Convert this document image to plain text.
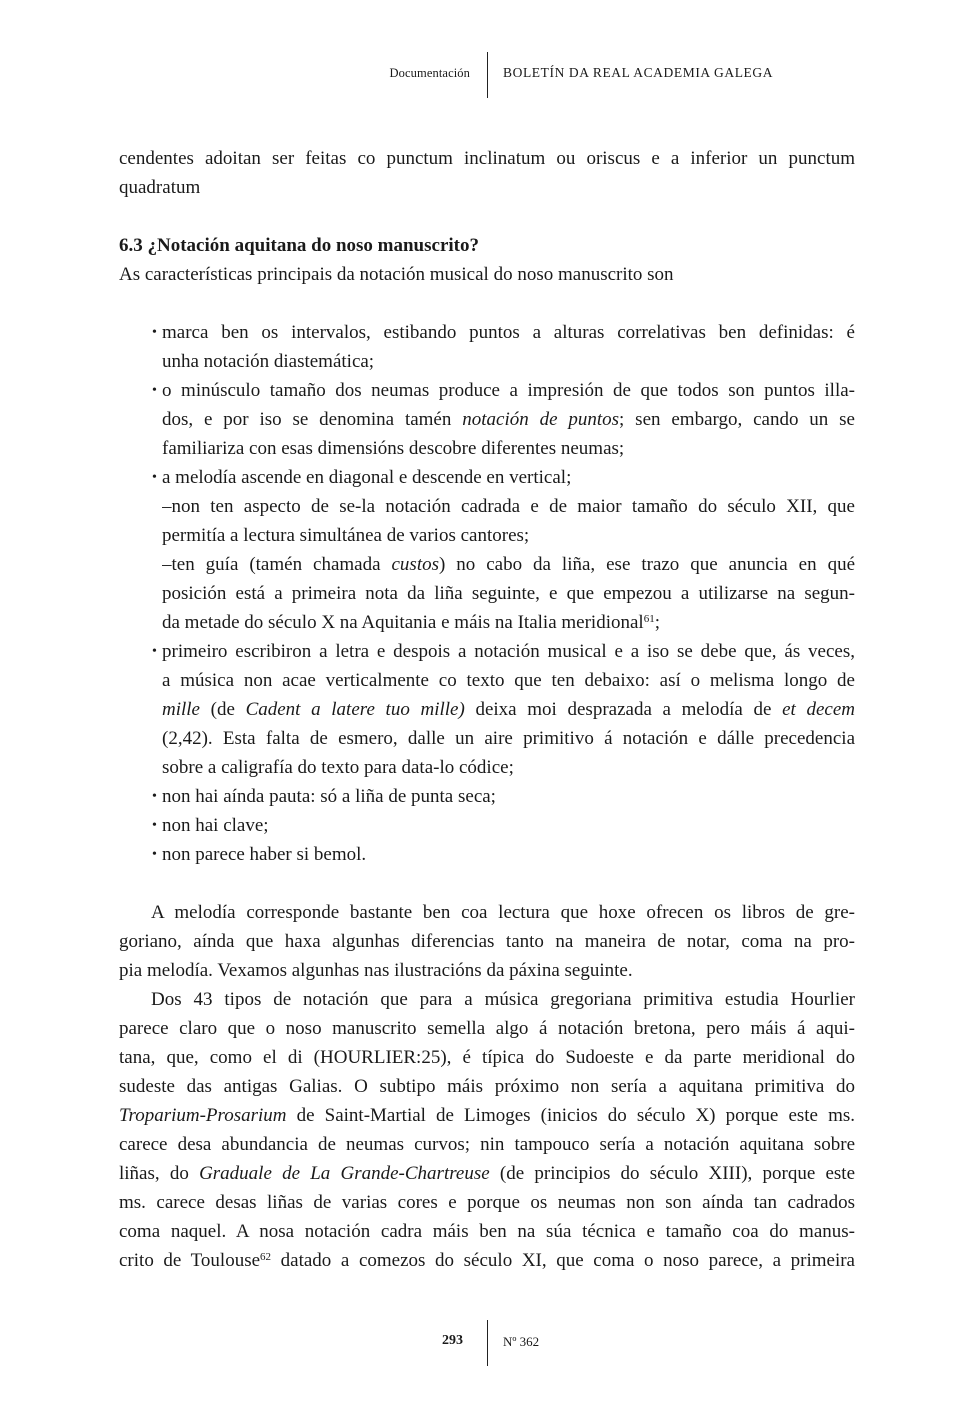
Documentación BOLETÍN DA REAL ACADEMIA GALEGA

cendentes adoitan ser feitas co punctum inclinatum ou oriscus e a inferior un punctum
quadratum

6.3 ¿Notación aquitana do noso manuscrito?

As características principais da notación musical do noso manuscrito son

• marca ben os intervalos, estibando puntos a alturas correlativas ben definidas: é
unha notación diastemática;
• o minúsculo tamaño dos neumas produce a impresión de que todos son puntos illa-
dos, e por iso se denomina tamén notación de puntos; sen embargo, cando un se
familiariza con esas dimensións descobre diferentes neumas;
• a melodía ascende en diagonal e descende en vertical;
–non ten aspecto de se-la notación cadrada e de maior tamaño do século XII, que
permitía a lectura simultánea de varios cantores;
–ten guía (tamén chamada custos) no cabo da liña, ese trazo que anuncia en qué
posición está a primeira nota da liña seguinte, e que empezou a utilizarse na segun-
da metade do século X na Aquitania e máis na Italia meridional$^{61}$;
• primeiro escribiron a letra e despois a notación musical e a iso se debe que, ás veces,
a música non acae verticalmente co texto que ten debaixo: así o melisma longo de
mille (de Cadent a latere tuo mille) deixa moi desprazada a melodía de et decem
(2,42). Esta falta de esmero, dalle un aire primitivo á notación e dálle precedencia
sobre a caligrafía do texto para data-lo códice;
• non hai aínda pauta: só a liña de punta seca;
• non hai clave;
• non parece haber si bemol.

A melodía corresponde bastante ben coa lectura que hoxe ofrecen os libros de gre-
goriano, aínda que haxa algunhas diferencias tanto na maneira de notar, coma na pro-
pia melodía. Vexamos algunhas nas ilustracións da páxina seguinte.

Dos 43 tipos de notación que para a música gregoriana primitiva estudia Hourlier
parece claro que o noso manuscrito semella algo á notación bretona, pero máis á aqui-
tana, que, como el di (HOURLIER:25), é típica do Sudoeste e da parte meridional do
sudeste das antigas Galias. O subtipo máis próximo non sería a aquitana primitiva do
Troparium-Prosarium de Saint-Martial de Limoges (inicios do século X) porque este ms.
carece desa abundancia de neumas curvos; nin tampouco sería a notación aquitana sobre
liñas, do Graduale de La Grande-Chartreuse (de principios do século XIII), porque este
ms. carece desas liñas de varias cores e porque os neumas non son aínda tan cadrados
coma naquel. A nosa notación cadra máis ben na súa técnica e tamaño coa do manus-
crito de Toulouse$^{62}$ datado a comezos do século XI, que coma o noso parece, a primeira

293	Nº 362
